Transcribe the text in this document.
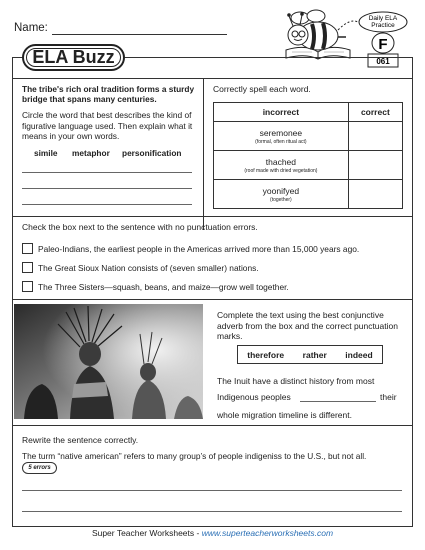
Name:
Daily ELA
Practice
F
061
ELA Buzz
The tribe's rich oral tradition forms a sturdy bridge that spans many centuries.
Circle the word that best describes the kind of figurative language used. Then explain what it means in your own words.
simile metaphor personification
Correctly spell each word.
incorrect	correct

seremonee
(formal, often ritual act)	

thached
(roof made with dried vegetation)	

yoonifyed
(together)	

Check the box next to the sentence with no punctuation errors.
Paleo-Indians, the earliest people in the Americas arrived more than 15,000 years ago.
The Great Sioux Nation consists of (seven smaller) nations.
The Three Sisters—squash, beans, and maize—grow well together.
Complete the text using the best conjunctive adverb from the box and the correct punctuation marks.
therefore rather indeed
The Inuit have a distinct history from most
Indigenous peoples	their
whole migration timeline is different.
Rewrite the sentence correctly.
The turm “native american” refers to many group’s of people indigeniss to the U.S., but not all.
5 errors
Super Teacher Worksheets - www.superteacherworksheets.com
